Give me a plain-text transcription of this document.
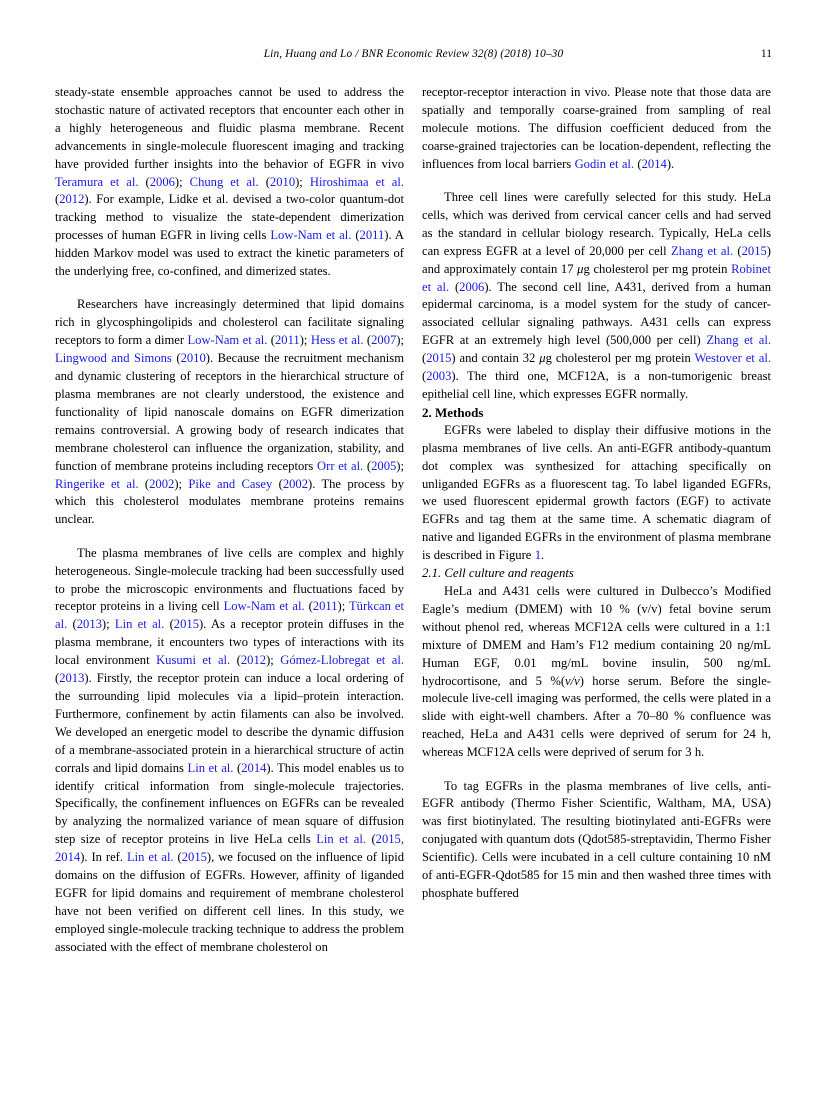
Lin, Huang and Lo / BNR Economic Review 32(8) (2018) 10–30	11

steady-state ensemble approaches cannot be used to address the stochastic nature of activated receptors that encounter each other in a highly heterogeneous and fluidic plasma membrane. Recent advancements in single-molecule fluorescent imaging and tracking have provided further insights into the behavior of EGFR in vivo Teramura et al. (2006); Chung et al. (2010); Hiroshimaa et al. (2012). For example, Lidke et al. devised a two-color quantum-dot tracking method to visualize the state-dependent dimerization processes of human EGFR in living cells Low-Nam et al. (2011). A hidden Markov model was used to extract the kinetic parameters of the underlying free, co-confined, and dimerized states.

Researchers have increasingly determined that lipid domains rich in glycosphingolipids and cholesterol can facilitate signaling receptors to form a dimer Low-Nam et al. (2011); Hess et al. (2007); Lingwood and Simons (2010). Because the recruitment mechanism and dynamic clustering of receptors in the hierarchical structure of plasma membranes are not clearly understood, the existence and functionality of lipid nanoscale domains on EGFR dimerization remains controversial. A growing body of research indicates that membrane cholesterol can influence the organization, stability, and function of membrane proteins including receptors Orr et al. (2005); Ringerike et al. (2002); Pike and Casey (2002). The process by which this cholesterol modulates membrane proteins remains unclear.

The plasma membranes of live cells are complex and highly heterogeneous. Single-molecule tracking had been successfully used to probe the microscopic environments and fluctuations faced by receptor proteins in a living cell Low-Nam et al. (2011); Türkcan et al. (2013); Lin et al. (2015). As a receptor protein diffuses in the plasma membrane, it encounters two types of interactions with its local environment Kusumi et al. (2012); Gómez-Llobregat et al. (2013). Firstly, the receptor protein can induce a local ordering of the surrounding lipid molecules via a lipid–protein interaction. Furthermore, confinement by actin filaments can also be involved. We developed an energetic model to describe the dynamic diffusion of a membrane-associated protein in a hierarchical structure of actin corrals and lipid domains Lin et al. (2014). This model enables us to identify critical information from single-molecule trajectories. Specifically, the confinement influences on EGFRs can be revealed by analyzing the normalized variance of mean square of diffusion step size of receptor proteins in live HeLa cells Lin et al. (2015, 2014). In ref. Lin et al. (2015), we focused on the influence of lipid domains on the diffusion of EGFRs. However, affinity of liganded EGFR for lipid domains and requirement of membrane cholesterol have not been verified on different cell lines. In this study, we employed single-molecule tracking technique to address the problem associated with the effect of membrane cholesterol on

receptor-receptor interaction in vivo. Please note that those data are spatially and temporally coarse-grained from sampling of real molecule motions. The diffusion coefficient deduced from the coarse-grained trajectories can be location-dependent, reflecting the influences from local barriers Godin et al. (2014).

Three cell lines were carefully selected for this study. HeLa cells, which was derived from cervical cancer cells and had served as the standard in cellular biology research. Typically, HeLa cells can express EGFR at a level of 20,000 per cell Zhang et al. (2015) and approximately contain 17 μg cholesterol per mg protein Robinet et al. (2006). The second cell line, A431, derived from a human epidermal carcinoma, is a model system for the study of cancer-associated cellular signaling pathways. A431 cells can express EGFR at an extremely high level (500,000 per cell) Zhang et al. (2015) and contain 32 μg cholesterol per mg protein Westover et al. (2003). The third one, MCF12A, is a non-tumorigenic breast epithelial cell line, which expresses EGFR normally.

2. Methods

EGFRs were labeled to display their diffusive motions in the plasma membranes of live cells. An anti-EGFR antibody-quantum dot complex was synthesized for attaching specifically on unliganded EGFRs as a fluorescent tag. To label liganded EGFRs, we used fluorescent epidermal growth factors (EGF) to activate EGFRs and tag them at the same time. A schematic diagram of native and liganded EGFRs in the environment of plasma membrane is described in Figure 1.

2.1. Cell culture and reagents

HeLa and A431 cells were cultured in Dulbecco’s Modified Eagle’s medium (DMEM) with 10 % (v/v) fetal bovine serum without phenol red, whereas MCF12A cells were cultured in a 1:1 mixture of DMEM and Ham’s F12 medium containing 20 ng/mL Human EGF, 0.01 mg/mL bovine insulin, 500 ng/mL hydrocortisone, and 5 %(v/v) horse serum. Before the single-molecule live-cell imaging was performed, the cells were plated in a slide with eight-well chambers. After a 70–80 % confluence was reached, HeLa and A431 cells were deprived of serum for 24 h, whereas MCF12A cells were deprived of serum for 3 h.

To tag EGFRs in the plasma membranes of live cells, anti-EGFR antibody (Thermo Fisher Scientific, Waltham, MA, USA) was first biotinylated. The resulting biotinylated anti-EGFRs were conjugated with quantum dots (Qdot585-streptavidin, Thermo Fisher Scientific). Cells were incubated in a cell culture containing 10 nM of anti-EGFR-Qdot585 for 15 min and then washed three times with phosphate buffered
